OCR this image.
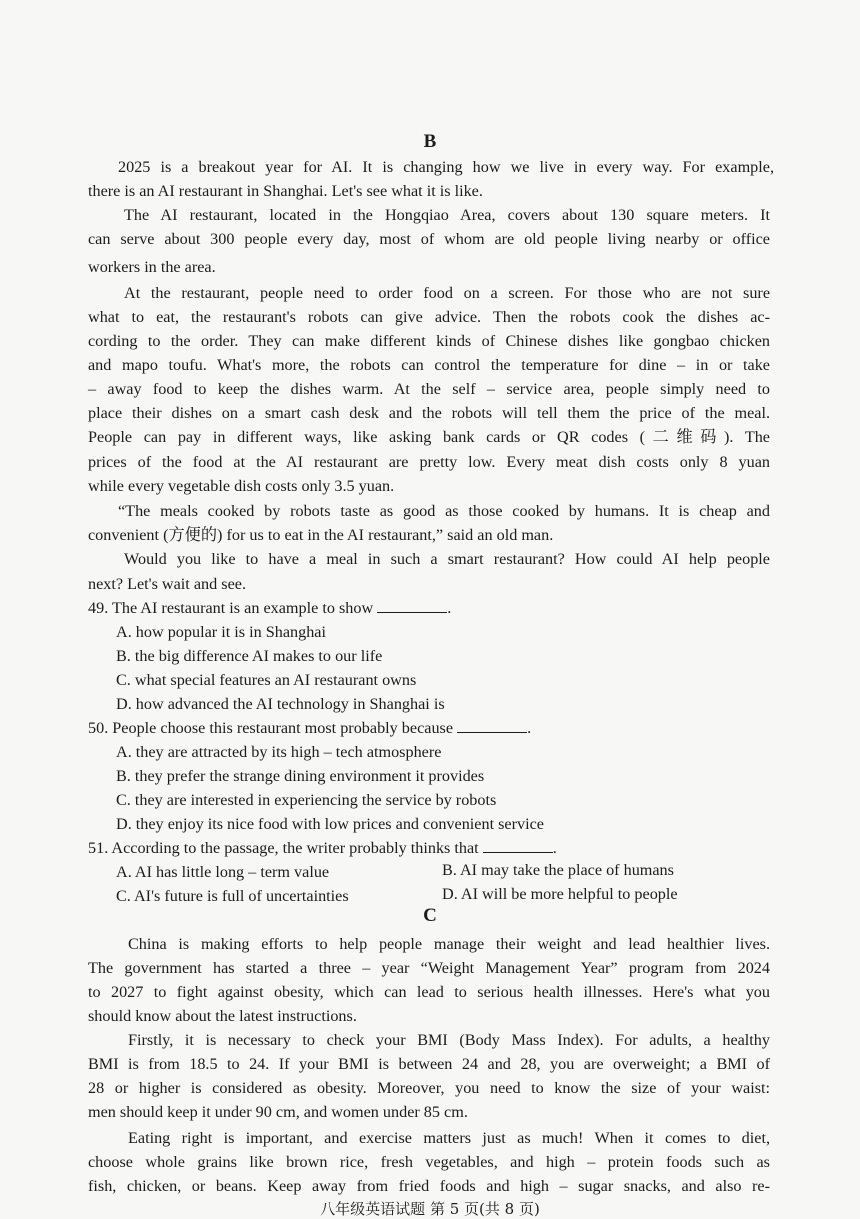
B
2025 is a breakout year for AI. It is changing how we live in every way. For example,
there is an AI restaurant in Shanghai. Let's see what it is like.
The AI restaurant, located in the Hongqiao Area, covers about 130 square meters. It
can serve about 300 people every day, most of whom are old people living nearby or office
workers in the area.
At the restaurant, people need to order food on a screen. For those who are not sure
what to eat, the restaurant's robots can give advice. Then the robots cook the dishes ac-
cording to the order. They can make different kinds of Chinese dishes like gongbao chicken
and mapo toufu. What's more, the robots can control the temperature for dine – in or take
– away food to keep the dishes warm. At the self – service area, people simply need to
place their dishes on a smart cash desk and the robots will tell them the price of the meal.
People can pay in different ways, like asking bank cards or QR codes (二维码). The
prices of the food at the AI restaurant are pretty low. Every meat dish costs only 8 yuan
while every vegetable dish costs only 3.5 yuan.
“The meals cooked by robots taste as good as those cooked by humans. It is cheap and
convenient (方便的) for us to eat in the AI restaurant,” said an old man.
Would you like to have a meal in such a smart restaurant? How could AI help people
next? Let's wait and see.
49. The AI restaurant is an example to show	.
A. how popular it is in Shanghai
B. the big difference AI makes to our life
C. what special features an AI restaurant owns
D. how advanced the AI technology in Shanghai is
50. People choose this restaurant most probably because	.
A. they are attracted by its high – tech atmosphere
B. they prefer the strange dining environment it provides
C. they are interested in experiencing the service by robots
D. they enjoy its nice food with low prices and convenient service
51. According to the passage, the writer probably thinks that	.
A. AI has little long – term value	B. AI may take the place of humans
C. AI's future is full of uncertainties	D. AI will be more helpful to people
C
China is making efforts to help people manage their weight and lead healthier lives.
The government has started a three – year “Weight Management Year” program from 2024
to 2027 to fight against obesity, which can lead to serious health illnesses. Here's what you
should know about the latest instructions.
Firstly, it is necessary to check your BMI (Body Mass Index). For adults, a healthy
BMI is from 18.5 to 24. If your BMI is between 24 and 28, you are overweight; a BMI of
28 or higher is considered as obesity. Moreover, you need to know the size of your waist:
men should keep it under 90 cm, and women under 85 cm.
Eating right is important, and exercise matters just as much! When it comes to diet,
choose whole grains like brown rice, fresh vegetables, and high – protein foods such as
fish, chicken, or beans. Keep away from fried foods and high – sugar snacks, and also re-
八年级英语试题 第 5 页(共 8 页)
